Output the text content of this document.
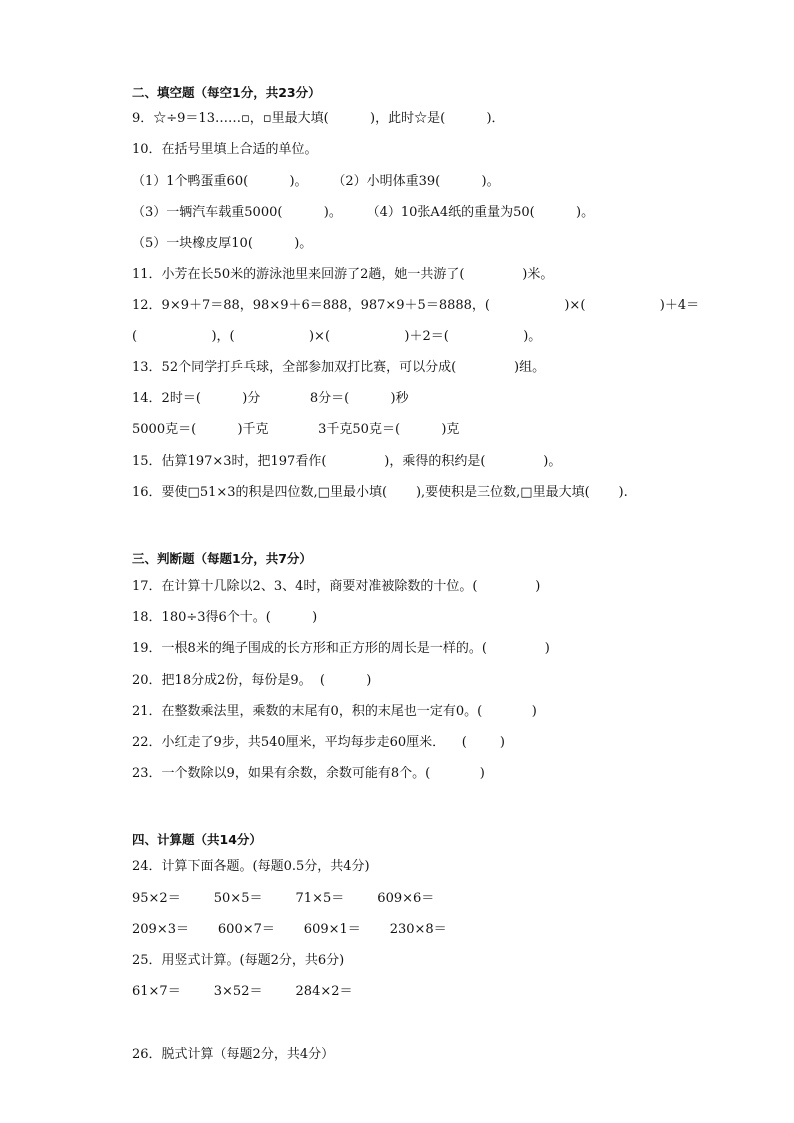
二、填空题（每空1分，共23分）
9．☆÷9＝13……▫，▫里最大填(          )，此时☆是(          )．
10．在括号里填上合适的单位。
（1）1个鸭蛋重60(          )。      （2）小明体重39(          )。
（3）一辆汽车载重5000(          )。      （4）10张A4纸的重量为50(          )。
（5）一块橡皮厚10(          )。
11．小芳在长50米的游泳池里来回游了2趟，她一共游了(              )米。
12．9×9＋7＝88，98×9＋6＝888，987×9＋5＝8888，(                  )×(                  )＋4＝
(                  )，(                  )×(                  )＋2＝(                  )。
13．52个同学打乒乓球，全部参加双打比赛，可以分成(              )组。
14．2时＝(          )分            8分＝(          )秒
5000克＝(          )千克            3千克50克＝(          )克
15．估算197×3时，把197看作(              )，乘得的积约是(              )。
16．要使□51×3的积是四位数,□里最小填(       ),要使积是三位数,□里最大填(       ).
三、判断题（每题1分，共7分）
17．在计算十几除以2、3、4时，商要对准被除数的十位。(              )
18．180÷3得6个十。(          )
19．一根8米的绳子围成的长方形和正方形的周长是一样的。(              )
20．把18分成2份，每份是9。  (          )
21．在整数乘法里，乘数的末尾有0，积的末尾也一定有0。(            )
22．小红走了9步，共540厘米，平均每步走60厘米．    (        )
23．一个数除以9，如果有余数，余数可能有8个。(            )
四、计算题（共14分）
24．计算下面各题。(每题0.5分，共4分)
95×2＝        50×5＝        71×5＝        609×6＝
209×3＝       600×7＝       609×1＝       230×8＝
25．用竖式计算。(每题2分，共6分)
61×7＝        3×52＝        284×2＝
26．脱式计算（每题2分，共4分）
